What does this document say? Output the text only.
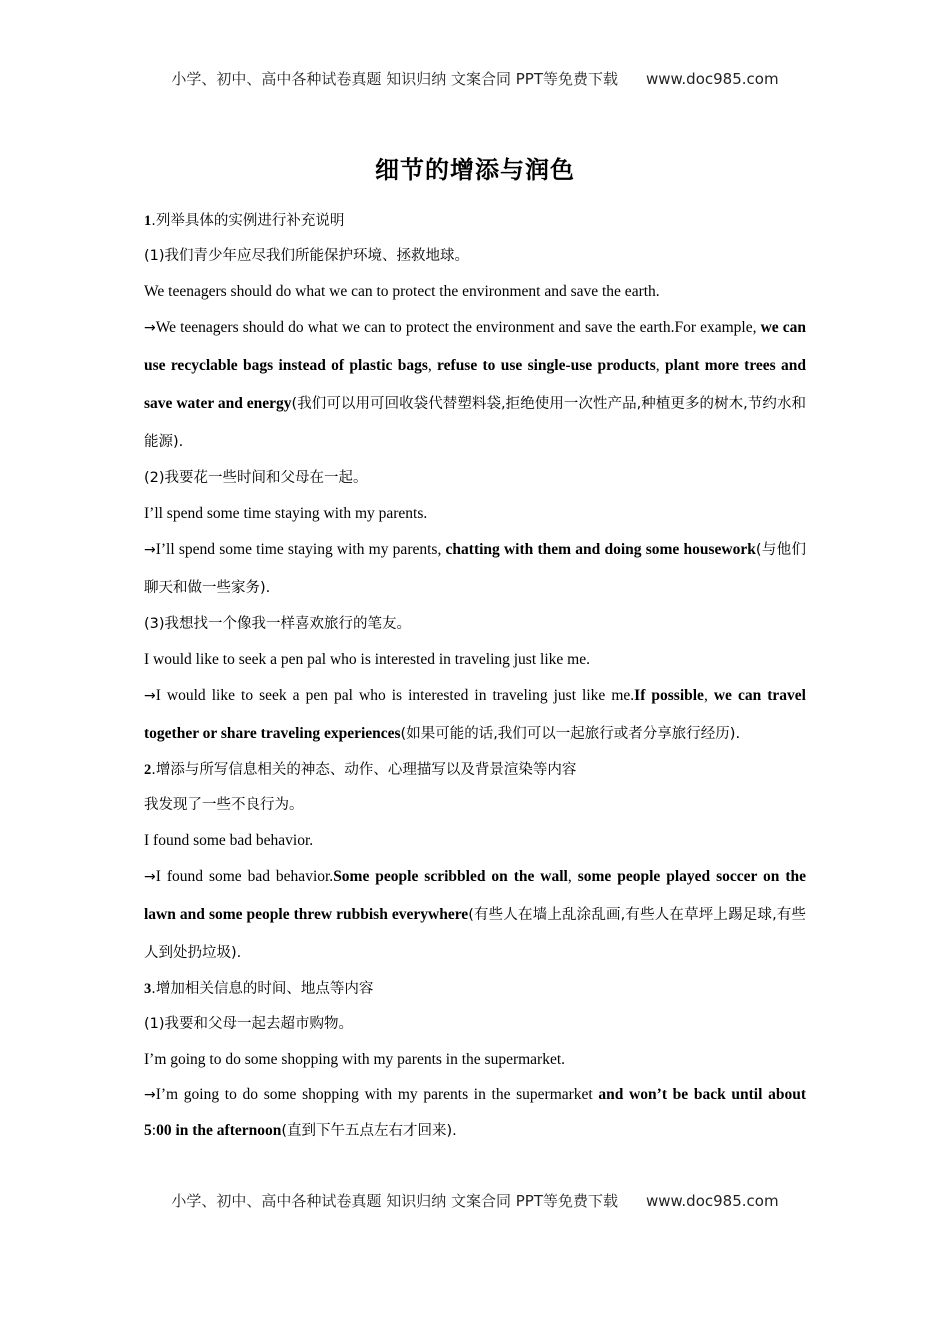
小学、初中、高中各种试卷真题 知识归纳 文案合同 PPT等免费下载 www.doc985.com
细节的增添与润色
1.列举具体的实例进行补充说明
(1)我们青少年应尽我们所能保护环境、拯救地球。
We teenagers should do what we can to protect the environment and save the earth.
→We teenagers should do what we can to protect the environment and save the earth.For example, we can use recyclable bags instead of plastic bags, refuse to use single-use products, plant more trees and save water and energy(我们可以用可回收袋代替塑料袋,拒绝使用一次性产品,种植更多的树木,节约水和能源).
(2)我要花一些时间和父母在一起。
I’ll spend some time staying with my parents.
→I’ll spend some time staying with my parents, chatting with them and doing some housework(与他们聊天和做一些家务).
(3)我想找一个像我一样喜欢旅行的笔友。
I would like to seek a pen pal who is interested in traveling just like me.
→I would like to seek a pen pal who is interested in traveling just like me.If possible, we can travel together or share traveling experiences(如果可能的话,我们可以一起旅行或者分享旅行经历).
2.增添与所写信息相关的神态、动作、心理描写以及背景渲染等内容
我发现了一些不良行为。
I found some bad behavior.
→I found some bad behavior.Some people scribbled on the wall, some people played soccer on the lawn and some people threw rubbish everywhere(有些人在墙上乱涂乱画,有些人在草坪上踢足球,有些人到处扔垃圾).
3.增加相关信息的时间、地点等内容
(1)我要和父母一起去超市购物。
I’m going to do some shopping with my parents in the supermarket.
→I’m going to do some shopping with my parents in the supermarket and won’t be back until about 5:00 in the afternoon(直到下午五点左右才回来).
小学、初中、高中各种试卷真题 知识归纳 文案合同 PPT等免费下载 www.doc985.com
